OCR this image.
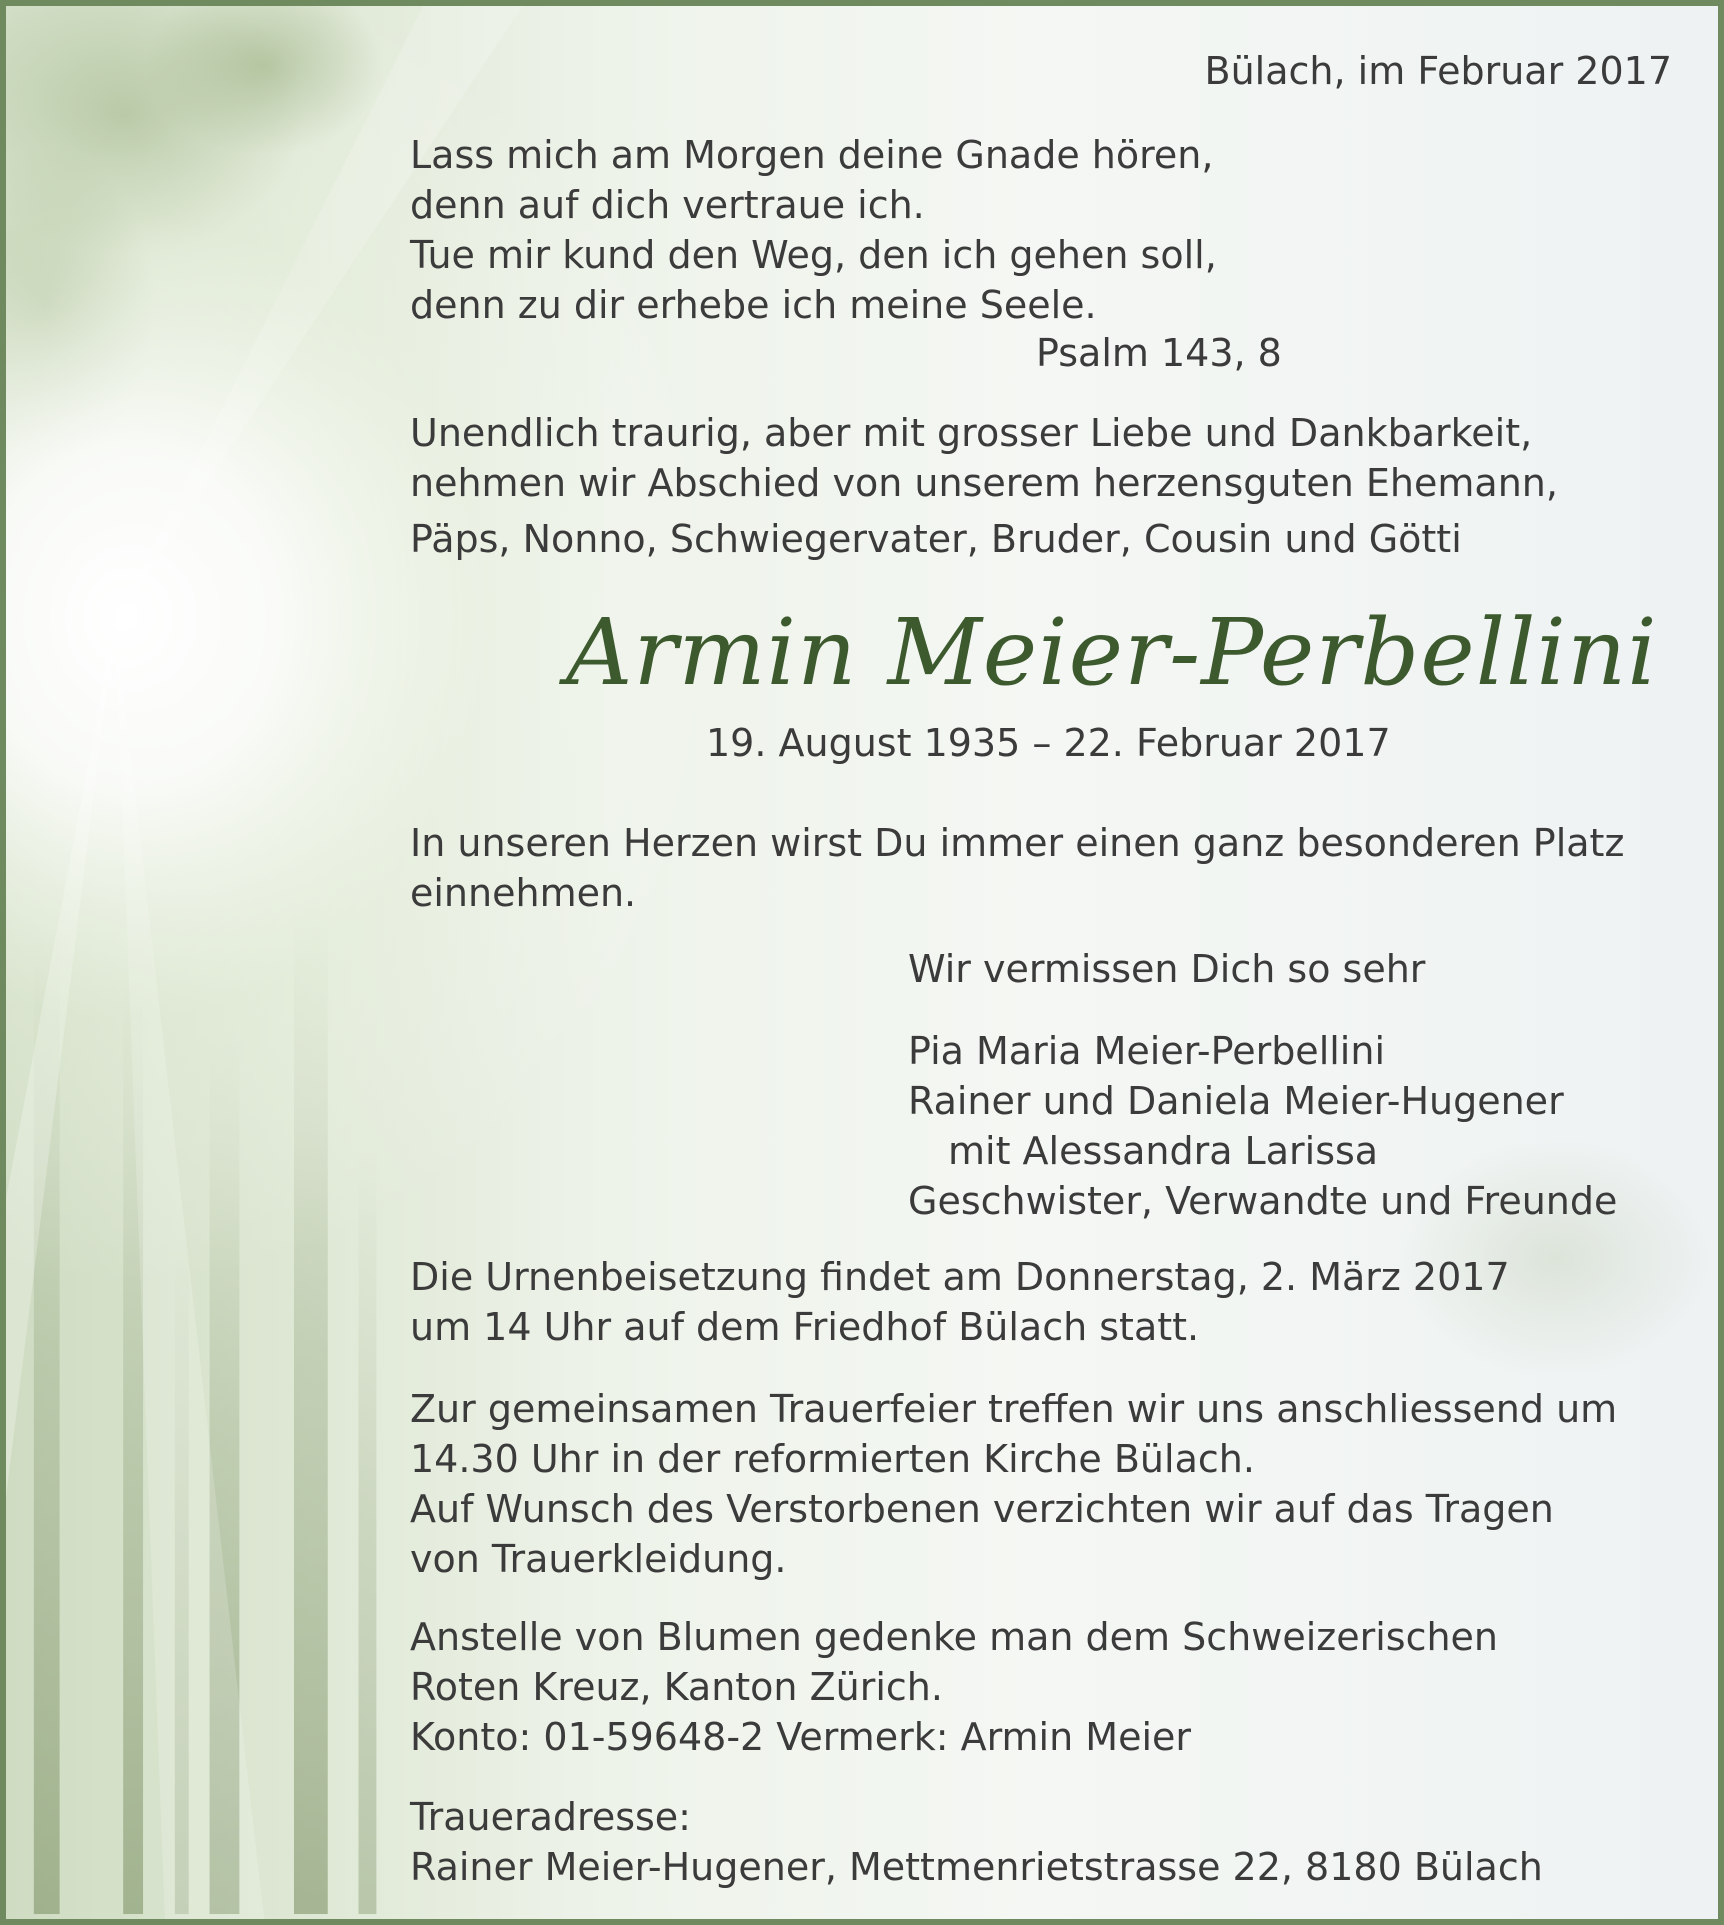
Bülach, im Februar 2017
Lass mich am Morgen deine Gnade hören,
denn auf dich vertraue ich.
Tue mir kund den Weg, den ich gehen soll,
denn zu dir erhebe ich meine Seele.
Psalm 143, 8
Unendlich traurig, aber mit grosser Liebe und Dankbarkeit,
nehmen wir Abschied von unserem herzensguten Ehemann,
Päps, Nonno, Schwiegervater, Bruder, Cousin und Götti
Armin Meier-Perbellini
19. August 1935 – 22. Februar 2017
In unseren Herzen wirst Du immer einen ganz besonderen Platz
einnehmen.
Wir vermissen Dich so sehr
Pia Maria Meier-Perbellini
Rainer und Daniela Meier-Hugener
mit Alessandra Larissa
Geschwister, Verwandte und Freunde
Die Urnenbeisetzung findet am Donnerstag, 2. März 2017
um 14 Uhr auf dem Friedhof Bülach statt.
Zur gemeinsamen Trauerfeier treffen wir uns anschliessend um
14.30 Uhr in der reformierten Kirche Bülach.
Auf Wunsch des Verstorbenen verzichten wir auf das Tragen
von Trauerkleidung.
Anstelle von Blumen gedenke man dem Schweizerischen
Roten Kreuz, Kanton Zürich.
Konto: 01-59648-2 Vermerk: Armin Meier
Traueradresse:
Rainer Meier-Hugener, Mettmenrietstrasse 22, 8180 Bülach
